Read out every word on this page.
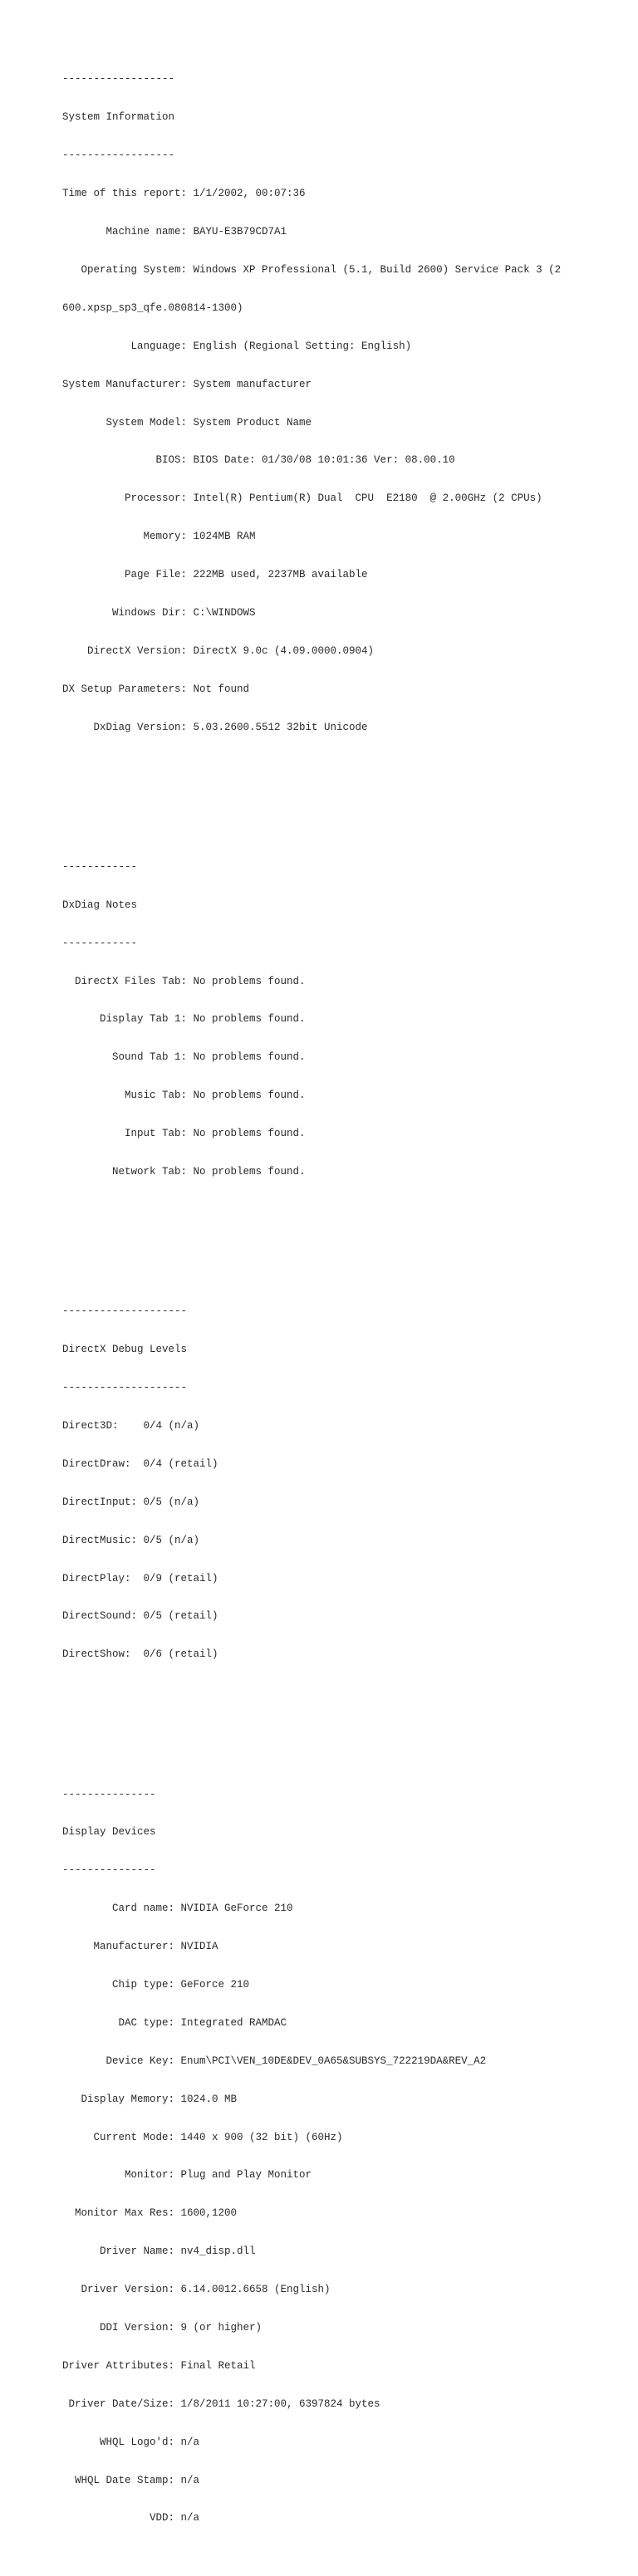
------------------

System Information

------------------

Time of this report: 1/1/2002, 00:07:36

Machine name: BAYU-E3B79CD7A1

Operating System: Windows XP Professional (5.1, Build 2600) Service Pack 3 (2

600.xpsp_sp3_qfe.080814-1300)

Language: English (Regional Setting: English)

System Manufacturer: System manufacturer

System Model: System Product Name

BIOS: BIOS Date: 01/30/08 10:01:36 Ver: 08.00.10

Processor: Intel(R) Pentium(R) Dual  CPU  E2180  @ 2.00GHz (2 CPUs)

Memory: 1024MB RAM

Page File: 222MB used, 2237MB available

Windows Dir: C:\WINDOWS

DirectX Version: DirectX 9.0c (4.09.0000.0904)

DX Setup Parameters: Not found

DxDiag Version: 5.03.2600.5512 32bit Unicode

------------

DxDiag Notes

------------

DirectX Files Tab: No problems found.

Display Tab 1: No problems found.

Sound Tab 1: No problems found.

Music Tab: No problems found.

Input Tab: No problems found.

Network Tab: No problems found.

--------------------

DirectX Debug Levels

--------------------

Direct3D:    0/4 (n/a)

DirectDraw:  0/4 (retail)

DirectInput: 0/5 (n/a)

DirectMusic: 0/5 (n/a)

DirectPlay:  0/9 (retail)

DirectSound: 0/5 (retail)

DirectShow:  0/6 (retail)

---------------

Display Devices

---------------

Card name: NVIDIA GeForce 210

Manufacturer: NVIDIA

Chip type: GeForce 210

DAC type: Integrated RAMDAC

Device Key: Enum\PCI\VEN_10DE&DEV_0A65&SUBSYS_722219DA&REV_A2

Display Memory: 1024.0 MB

Current Mode: 1440 x 900 (32 bit) (60Hz)

Monitor: Plug and Play Monitor

Monitor Max Res: 1600,1200

Driver Name: nv4_disp.dll

Driver Version: 6.14.0012.6658 (English)

DDI Version: 9 (or higher)

Driver Attributes: Final Retail

Driver Date/Size: 1/8/2011 10:27:00, 6397824 bytes

WHQL Logo'd: n/a

WHQL Date Stamp: n/a

VDD: n/a
